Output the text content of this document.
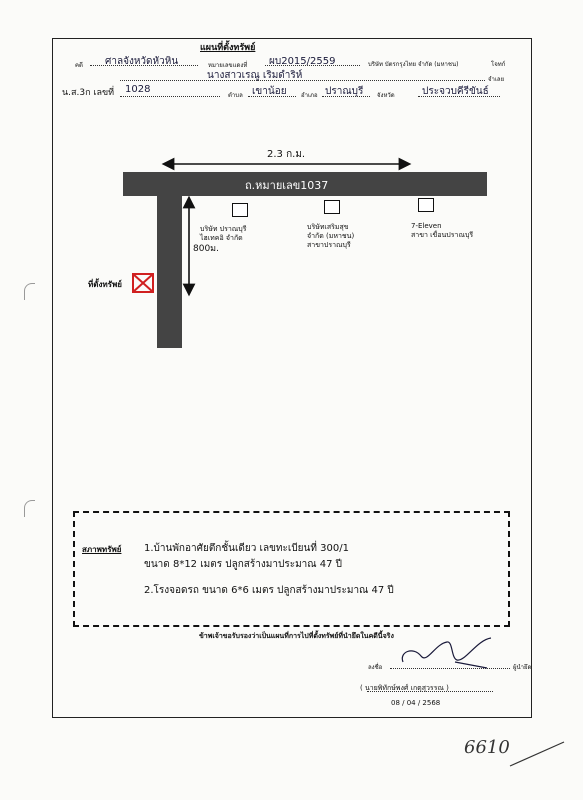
แผนที่ตั้งทรัพย์
คดี ศาลจังหวัดหัวหิน	หมายเลขแดงที่ ผบ2015/2559	บริษัท บัตรกรุงไทย จำกัด (มหาชน)	โจทก์
นางสาวเรณู เริมดำริห์	จำเลย
น.ส.3ก เลขที่ 1028
ตำบล เขาน้อย อำเภอ ปราณบุรี จังหวัด	ประจวบคีรีขันธ์
2.3 ก.ม.
ถ.หมายเลข1037
800ม.
บริษัท ปราณบุรี
ไฮเทคอิ จำกัด
บริษัทเสริมสุข
จำกัด (มหาชน)
สาขาปราณบุรี
7-Eleven
สาขา เขื่อนปราณบุรี
ที่ตั้งทรัพย์
สภาพทรัพย์ 1.บ้านพักอาศัยตึกชั้นเดียว เลขทะเบียนที่ 300/1
ขนาด 8*12 เมตร ปลูกสร้างมาประมาณ 47 ปี
2.โรงจอดรถ ขนาด 6*6 เมตร ปลูกสร้างมาประมาณ 47 ปี
ข้าพเจ้าขอรับรองว่าเป็นแผนที่การไปที่ตั้งทรัพย์ที่นำยึดในคดีนี้จริง
ลงชื่อ	ผู้นำยึด
( นายพิทักษ์พงศ์ เกตุสุวรรณ )
08 / 04 / 2568
6610
